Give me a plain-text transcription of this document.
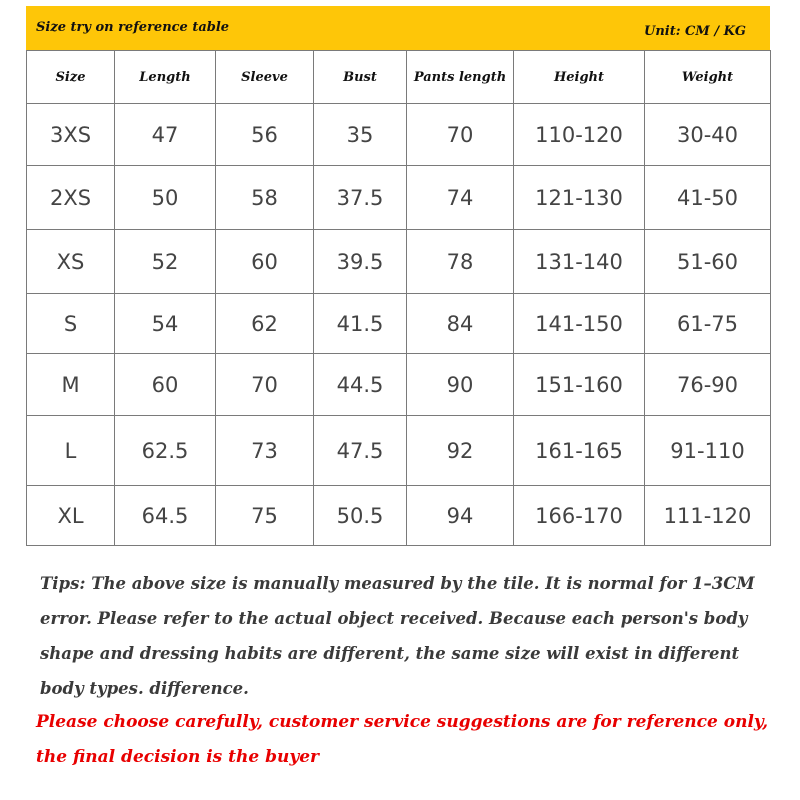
Size try on reference table	Unit: CM / KG
Size	Length	Sleeve	Bust	Pants length	Height	Weight
3XS	47	56	35	70	110-120	30-40
2XS	50	58	37.5	74	121-130	41-50
XS	52	60	39.5	78	131-140	51-60
S	54	62	41.5	84	141-150	61-75
M	60	70	44.5	90	151-160	76-90
L	62.5	73	47.5	92	161-165	91-110
XL	64.5	75	50.5	94	166-170	111-120
Tips: The above size is manually measured by the tile. It is normal for 1–3CM error. Please refer to the actual object received. Because each person's body shape and dressing habits are different, the same size will exist in different body types. difference.
Please choose carefully, customer service suggestions are for reference only, the final decision is the buyer
